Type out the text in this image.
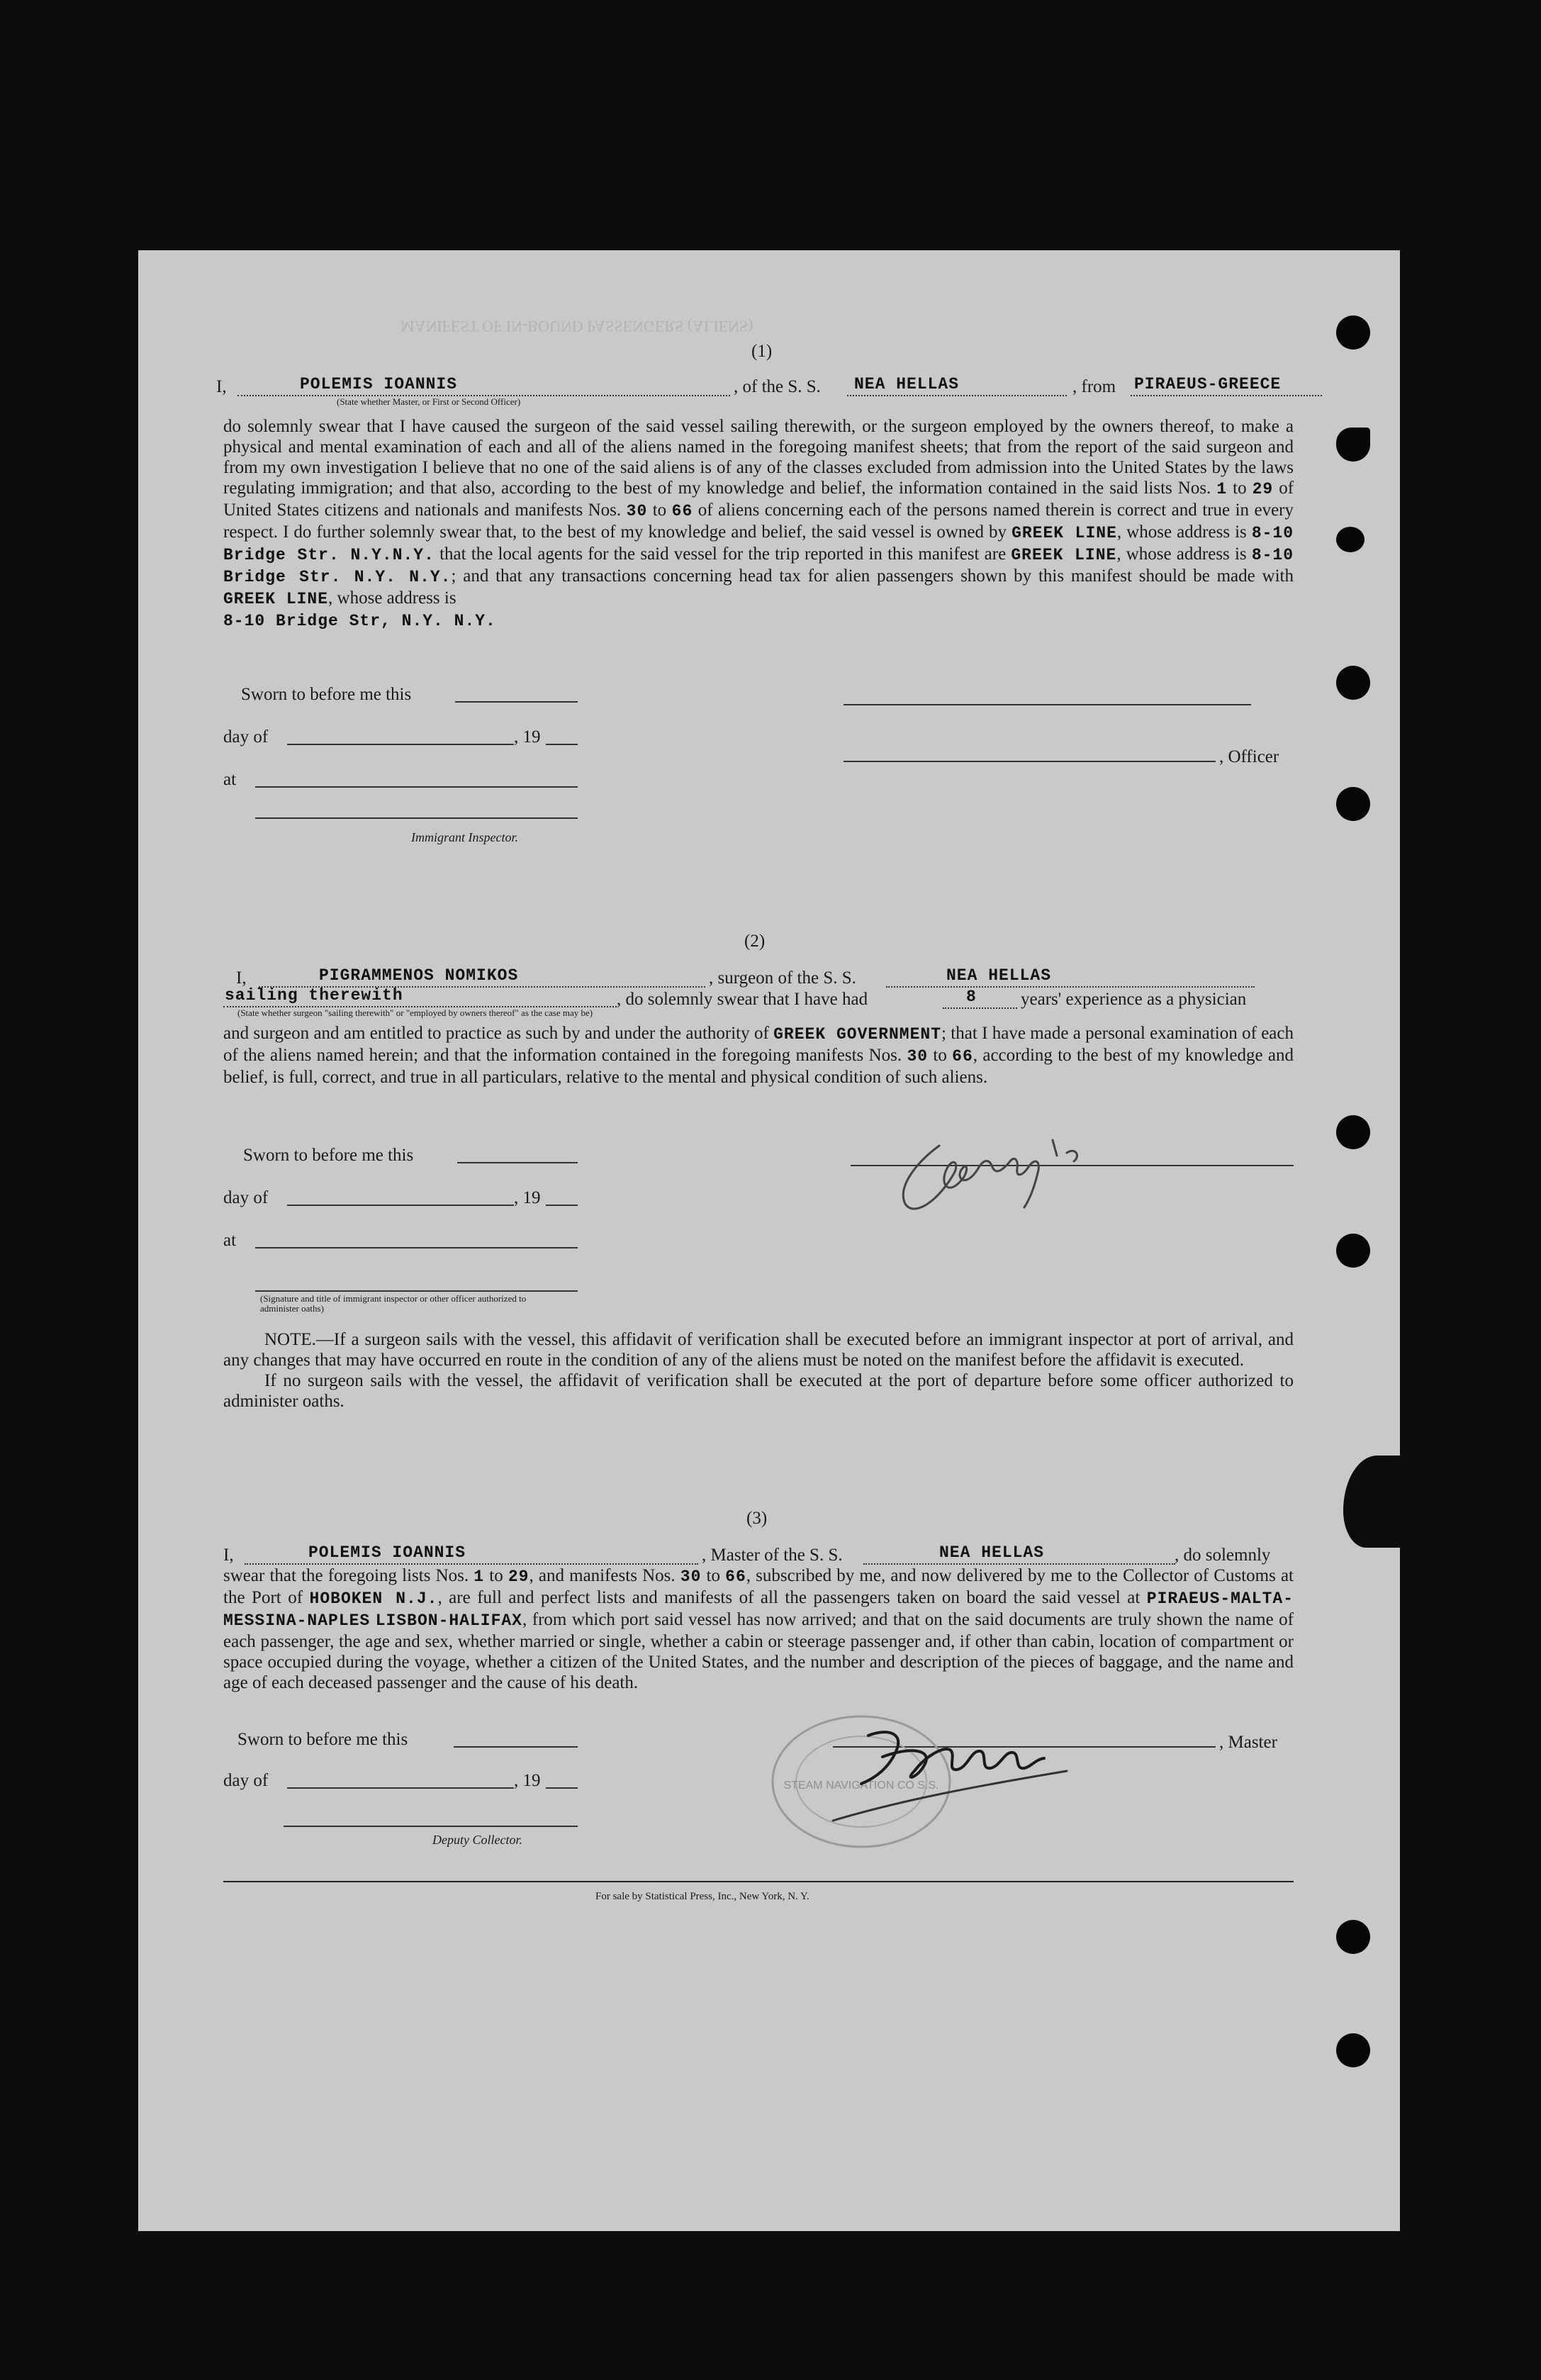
MANIFEST OF IN-BOUND PASSENGERS (ALIENS)
(1)
I,	POLEMIS IOANNIS
(State whether Master, or First or Second Officer)
, of the S. S. NEA HELLAS	, from PIRAEUS-GREECE

do solemnly swear that I have caused the surgeon of the said vessel sailing therewith, or the surgeon employed by the owners thereof, to make a physical and mental examination of each and all of the aliens named in the foregoing manifest sheets; that from the report of the said surgeon and from my own investigation I believe that no one of the said aliens is of any of the classes excluded from admission into the United States by the laws regulating immigration; and that also, according to the best of my knowledge and belief, the information contained in the said lists Nos. 1 to 29 of United States citizens and nationals and manifests Nos. 30 to 66 of aliens concerning each of the persons named therein is correct and true in every respect. I do further solemnly swear that, to the best of my knowledge and belief, the said vessel is owned by GREEK LINE, whose address is 8-10 Bridge Str. N.Y.N.Y. that the local agents for the said vessel for the trip reported in this manifest are GREEK LINE, whose address is 8-10 Bridge Str. N.Y. N.Y.; and that any transactions concerning head tax for alien passengers shown by this manifest should be made with GREEK LINE, whose address is
8-10 Bridge Str, N.Y. N.Y.

Sworn to before me this
day of	, 19
at
Immigrant Inspector.
, Officer
(2)
I,	PIGRAMMENOS NOMIKOS	, surgeon of the S. S.	NEA HELLAS
sailing therewith
(State whether surgeon "sailing therewith" or "employed by owners thereof" as the case may be)
, do solemnly swear that I have had	8 years' experience as a physician

and surgeon and am entitled to practice as such by and under the authority of GREEK GOVERNMENT; that I have made a personal examination of each of the aliens named herein; and that the information contained in the foregoing manifests Nos. 30 to 66, according to the best of my knowledge and belief, is full, correct, and true in all particulars, relative to the mental and physical condition of such aliens.

Sworn to before me this
day of	, 19
at
(Signature and title of immigrant inspector or other officer authorized to administer oaths)

NOTE.—If a surgeon sails with the vessel, this affidavit of verification shall be executed before an immigrant inspector at port of arrival, and any changes that may have occurred en route in the condition of any of the aliens must be noted on the manifest before the affidavit is executed.

If no surgeon sails with the vessel, the affidavit of verification shall be executed at the port of departure before some officer authorized to administer oaths.

(3)
I,	POLEMIS IOANNIS	, Master of the S. S.	NEA HELLAS	, do solemnly

swear that the foregoing lists Nos. 1 to 29, and manifests Nos. 30 to 66, subscribed by me, and now delivered by me to the Collector of Customs at the Port of HOBOKEN N.J., are full and perfect lists and manifests of all the passengers taken on board the said vessel at PIRAEUS-MALTA-MESSINA-NAPLES LISBON-HALIFAX, from which port said vessel has now arrived; and that on the said documents are truly shown the name of each passenger, the age and sex, whether married or single, whether a cabin or steerage passenger and, if other than cabin, location of compartment or space occupied during the voyage, whether a citizen of the United States, and the number and description of the pieces of baggage, and the name and age of each deceased passenger and the cause of his death.

Sworn to before me this
day of	, 19
Deputy Collector.
, Master
STEAM NAVIGATION CO S.S.
For sale by Statistical Press, Inc., New York, N. Y.
